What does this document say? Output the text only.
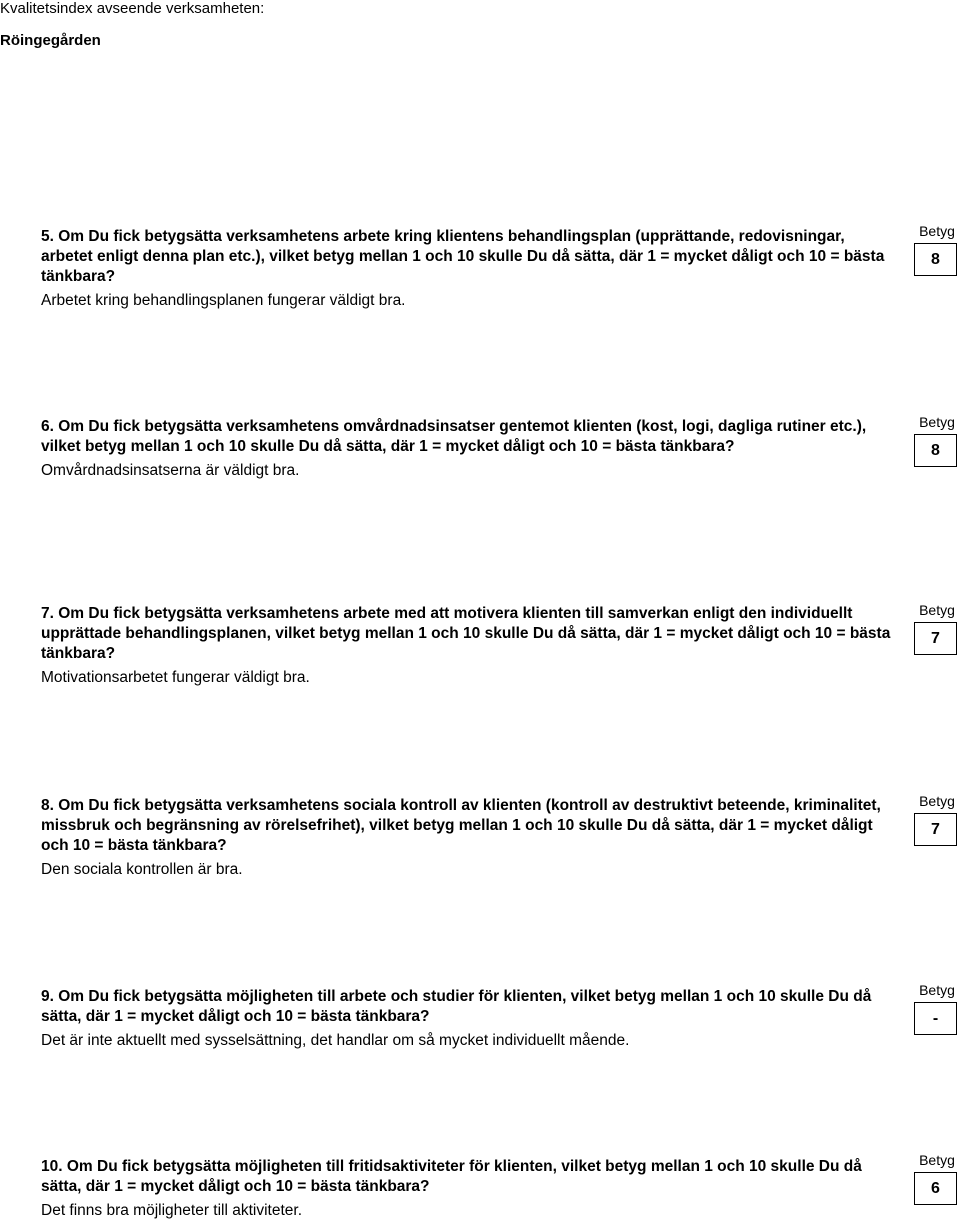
Kvalitetsindex avseende verksamheten:
Röingegården

5. Om Du fick betygsätta verksamhetens arbete kring klientens behandlingsplan (upprättande, redovisningar, arbetet enligt denna plan etc.), vilket betyg mellan 1 och 10 skulle Du då sätta, där 1 = mycket dåligt och 10 = bästa tänkbara?

Arbetet kring behandlingsplanen fungerar väldigt bra.
Betyg
8

6. Om Du fick betygsätta verksamhetens omvårdnadsinsatser gentemot klienten (kost, logi, dagliga rutiner etc.), vilket betyg mellan 1 och 10 skulle Du då sätta, där 1 = mycket dåligt och 10 = bästa tänkbara?

Omvårdnadsinsatserna är väldigt bra.
Betyg
8

7. Om Du fick betygsätta verksamhetens arbete med att motivera klienten till samverkan enligt den individuellt upprättade behandlingsplanen, vilket betyg mellan 1 och 10 skulle Du då sätta, där 1 = mycket dåligt och 10 = bästa tänkbara?

Motivationsarbetet fungerar väldigt bra.
Betyg
7

8. Om Du fick betygsätta verksamhetens sociala kontroll av klienten (kontroll av destruktivt beteende, kriminalitet, missbruk och begränsning av rörelsefrihet), vilket betyg mellan 1 och 10 skulle Du då sätta, där 1 = mycket dåligt och 10 = bästa tänkbara?

Den sociala kontrollen är bra.
Betyg
7

9. Om Du fick betygsätta möjligheten till arbete och studier för klienten, vilket betyg mellan 1 och 10 skulle Du då sätta, där 1 = mycket dåligt och 10 = bästa tänkbara?

Det är inte aktuellt med sysselsättning, det handlar om så mycket individuellt mående.
Betyg
-

10. Om Du fick betygsätta möjligheten till fritidsaktiviteter för klienten, vilket betyg mellan 1 och 10 skulle Du då sätta, där 1 = mycket dåligt och 10 = bästa tänkbara?

Det finns bra möjligheter till aktiviteter.
Betyg
6
